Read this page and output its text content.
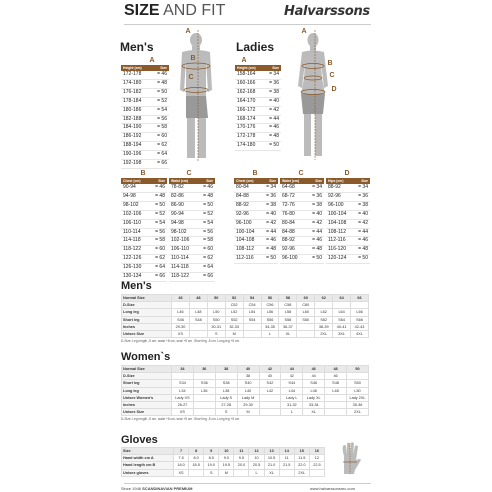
SIZE AND FIT	Halvarssons
Men's
A
Height (cm)	Size
172-178	= 46
174-180	= 48
176-182	= 50
178-184	= 52
180-186	= 54
182-188	= 56
184-190	= 58
186-192	= 60
188-194	= 62
190-196	= 64
192-198	= 66
A
B
C
Ladies
A
Height (cm)	Size
158-164	= 34
160-166	= 36
162-168	= 38
164-170	= 40
166-172	= 42
168-174	= 44
170-176	= 46
172-178	= 48
174-180	= 50
A
B
C
D
B	C
Chest (cm)	Size
90-94	= 46
94-98	= 48
98-102	= 50
102-106	= 52
106-110	= 54
110-114	= 56
114-118	= 58
118-122	= 60
122-126	= 62
126-130	= 64
130-134	= 66
Waist (cm)	Size
78-82	= 46
82-86	= 48
86-90	= 50
90-94	= 52
94-98	= 54
98-102	= 56
102-106	= 58
106-110	= 60
110-114	= 62
114-118	= 64
118-122	= 66
B	C	D
Chest (cm)	Size
80-84	= 34
84-88	= 36
88-92	= 38
92-96	= 40
96-100	= 42
100-104 = 44
104-108 = 46
108-112 = 48
112-116	= 50
Waist (cm)	Size
64-68	= 34
68-72	= 36
72-76	= 38
76-80	= 40
80-84	= 42
84-88	= 44
88-92	= 46
92-96	= 48
96-100	= 50
Hips (cm)	Size
88-92	= 34
92-96	= 36
96-100	= 38
100-104 = 40
104-108 = 42
108-112 = 44
112-116	= 46
116-120 = 48
120-124 = 50
Men's
Normal Size	46	48	50	52	54	56	58	60	62	64	66
D-Size				C52	C54	C56	C58	C60			
Long leg	L46	L48	L50	L52	L54	L56	L58	L60	L62	L64	L66
Short leg	S46	S48	S50	S52	S54	S56	S58	S60	S62	S64	S66
Inches	29-30		30-31	32-33		34-35	36-37		38-39	40-41	42-43
Unisex Size	XS		S	M		L	XL		2XL	3XL	4XL
D-Size: Leg length -5 cm, waist +8 cm, seat +5 cm. Short leg -5 cm. Long leg +5 cm
Women`s
Normal Size	34	36	38	40	42	44	46	48	50
D-Size				38	40	42	44	46	
Short leg	S34	S36	S38	S40	S42	S44	S46	S48	S50
Long leg	L34	L36	L38	L40	L42	L44	L46	L48	L50
Unisex Women's	Lady XS		Lady S	Lady M		Lady L	Lady XL		Lady 2XL
Inches	26-27		27-28	29-30		31-32	33-34		35-36
Unisex Size	XS		S	M		L	XL		2XL
D-Size: Leg length -5 cm, waist +8 cm, seat +5 cm. Short leg -5 cm. Long leg +5 cm
Gloves
Size	7	8	9	10	11	12	13	14	15	16
Hand width cm A	7.5	8.0	8.5	9.0	9.5	10	10.5	11	11.5	12
Hand length cm B	18.0	18.5	19.0	19.5	20.0	20.5	21.0	21.5	22.0	22.5
Unisex gloves	XS		S	M		L	XL		2XL	
Since 1946 SCANDINAVIAN PREMIUM	www.halvarssonsmc.com
